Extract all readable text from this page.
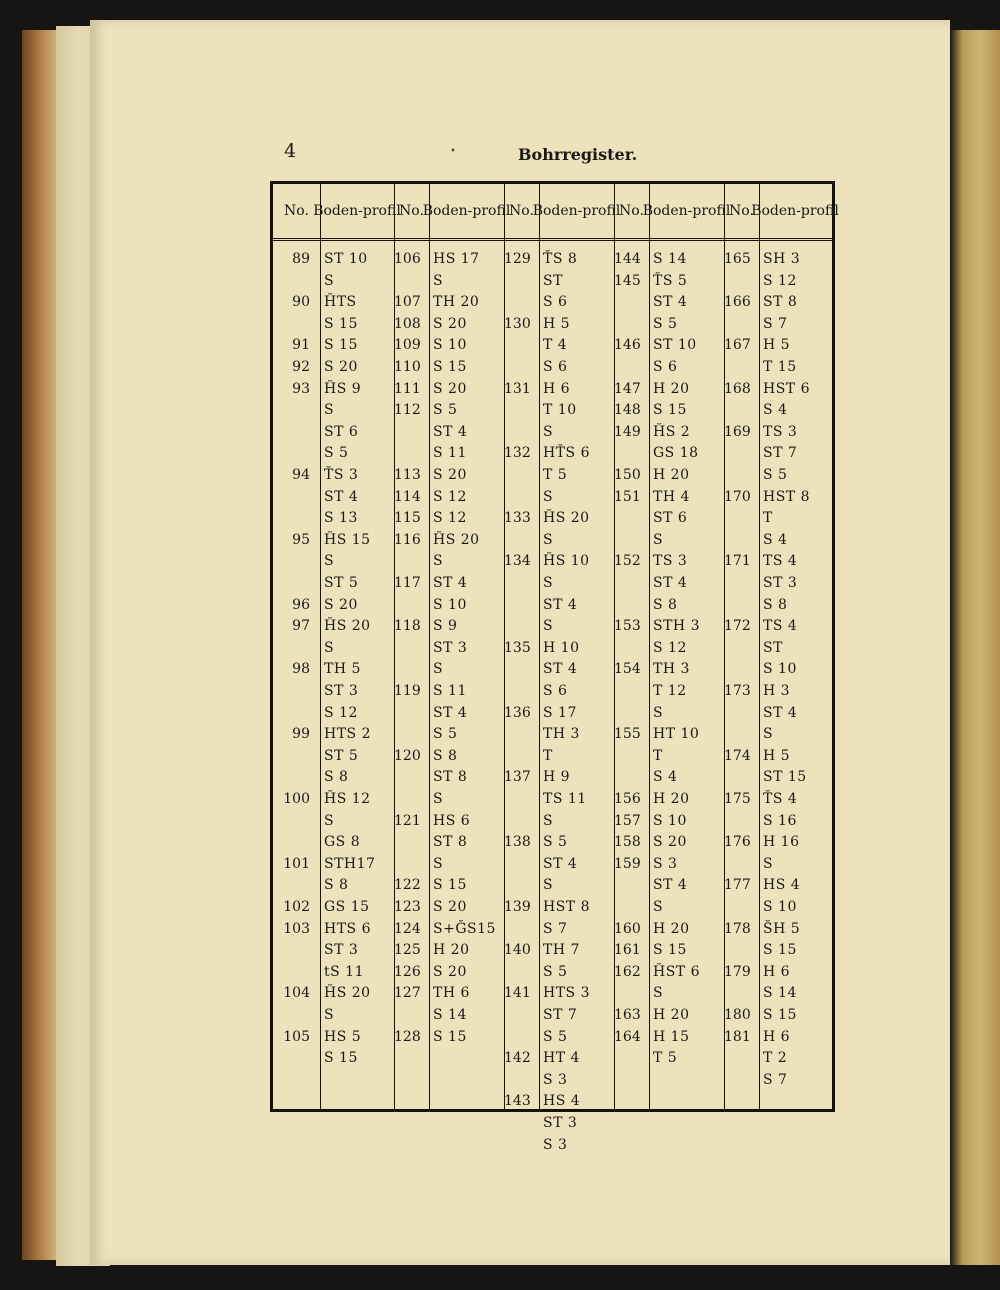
4	•	Bohrregister.
No.
89
90
91
92
93
94
95
96
97
98
99
100
101
102
103
104
105
Boden- profil
ST 10
S
H̆TS
S 15
S 15
S 20
H̆S 9
S
ST 6
S 5
T̆S 3
ST 4
S 13
H̆S 15
S
ST 5
S 20
H̆S 20
S
TH 5
ST 3
S 12
HTS 2
ST 5
S 8
H̆S 12
S
GS 8
STH17
S 8
GS 15
HTS 6
ST 3
tS 11
H̆S 20
S
HS 5
S 15
No.
106
107
108
109
110
111
112
113
114
115
116
117
118
119
120
121
122
123
124
125
126
127
128
Boden- profil
HS 17
S
TH 20
S 20
S 10
S 15
S 20
S 5
ST 4
S 11
S 20
S 12
S 12
H̆S 20
S
ST 4
S 10
S 9
ST 3
S
S 11
ST 4
S 5
S 8
ST 8
S
HS 6
ST 8
S
S 15
S 20
S+ĞS15
H 20
S 20
TH 6
S 14
S 15
No.
129
130
131
132
133
134
135
136
137
138
139
140
141
142
143
Boden- profil
T̆S 8
ST
S 6
H 5
T 4
S 6
H 6
T 10
S
HT̆S 6
T 5
S
H̆S 20
S
H̆S 10
S
ST 4
S
H 10
ST 4
S 6
S 17
TH 3
T
H 9
TS 11
S
S 5
ST 4
S
HST 8
S 7
TH 7
S 5
HTS 3
ST 7
S 5
HT 4
S 3
HS 4
ST 3
S 3
No.
144
145
146
147
148
149
150
151
152
153
154
155
156
157
158
159
160
161
162
163
164
Boden- profil
S 14
T̆S 5
ST 4
S 5
ST 10
S 6
H 20
S 15
H̆S 2
GS 18
H 20
TH 4
ST 6
S
TS 3
ST 4
S 8
STH 3
S 12
TH 3
T 12
S
HT 10
T
S 4
H 20
S 10
S 20
S 3
ST 4
S
H 20
S 15
H̆ST 6
S
H 20
H 15
T 5
No.
165
166
167
168
169
170
171
172
173
174
175
176
177
178
179
180
181
Boden- profil
SH 3
S 12
ST 8
S 7
H 5
T 15
HST 6
S 4
TS 3
ST 7
S 5
HST 8
T
S 4
TS 4
ST 3
S 8
TS 4
ST
S 10
H 3
ST 4
S
H 5
ST 15
T̆S 4
S 16
H 16
S
HS 4
S 10
S̆H 5
S 15
H 6
S 14
S 15
H 6
T 2
S 7
